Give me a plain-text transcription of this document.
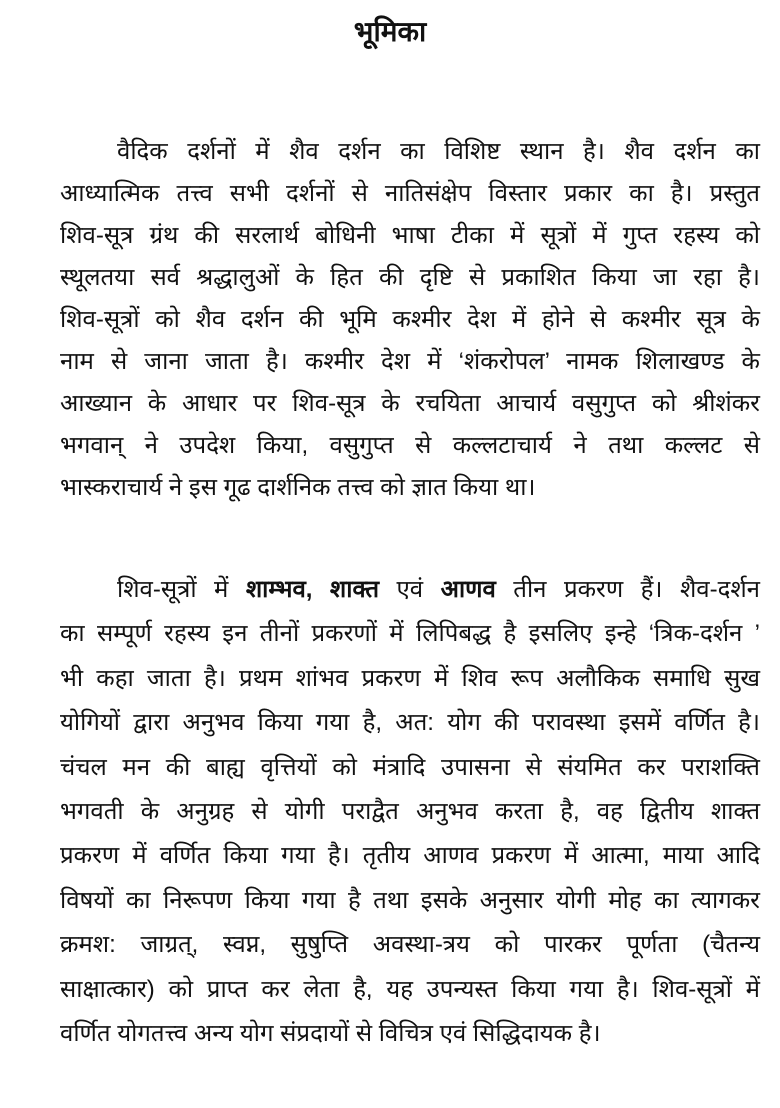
भूमिका
वैदिक दर्शनों में शैव दर्शन का विशिष्ट स्थान है। शैव दर्शन का
आध्यात्मिक तत्त्व सभी दर्शनों से नातिसंक्षेप विस्तार प्रकार का है। प्रस्तुत
शिव-सूत्र ग्रंथ की सरलार्थ बोधिनी भाषा टीका में सूत्रों में गुप्त रहस्य को
स्थूलतया सर्व श्रद्धालुओं के हित की दृष्टि से प्रकाशित किया जा रहा है।
शिव-सूत्रों को शैव दर्शन की भूमि कश्मीर देश में होने से कश्मीर सूत्र के
नाम से जाना जाता है। कश्मीर देश में ‘शंकरोपल’ नामक शिलाखण्ड के
आख्यान के आधार पर शिव-सूत्र के रचयिता आचार्य वसुगुप्त को श्रीशंकर
भगवान् ने उपदेश किया, वसुगुप्त से कल्लटाचार्य ने तथा कल्लट से
भास्कराचार्य ने इस गूढ दार्शनिक तत्त्व को ज्ञात किया था।
शिव-सूत्रों में शाम्भव, शाक्त एवं आणव तीन प्रकरण हैं। शैव-दर्शन
का सम्पूर्ण रहस्य इन तीनों प्रकरणों में लिपिबद्ध है इसलिए इन्हे ‘त्रिक-दर्शन ’
भी कहा जाता है। प्रथम शांभव प्रकरण में शिव रूप अलौकिक समाधि सुख
योगियों द्वारा अनुभव किया गया है, अत: योग की परावस्था इसमें वर्णित है।
चंचल मन की बाह्य वृत्तियों को मंत्रादि उपासना से संयमित कर पराशक्ति
भगवती के अनुग्रह से योगी पराद्वैत अनुभव करता है, वह द्वितीय शाक्त
प्रकरण में वर्णित किया गया है। तृतीय आणव प्रकरण में आत्मा, माया आदि
विषयों का निरूपण किया गया है तथा इसके अनुसार योगी मोह का त्यागकर
क्रमश: जाग्रत्, स्वप्न, सुषुप्ति अवस्था-त्रय को पारकर पूर्णता (चैतन्य
साक्षात्कार) को प्राप्त कर लेता है, यह उपन्यस्त किया गया है। शिव-सूत्रों में
वर्णित योगतत्त्व अन्य योग संप्रदायों से विचित्र एवं सिद्धिदायक है।
